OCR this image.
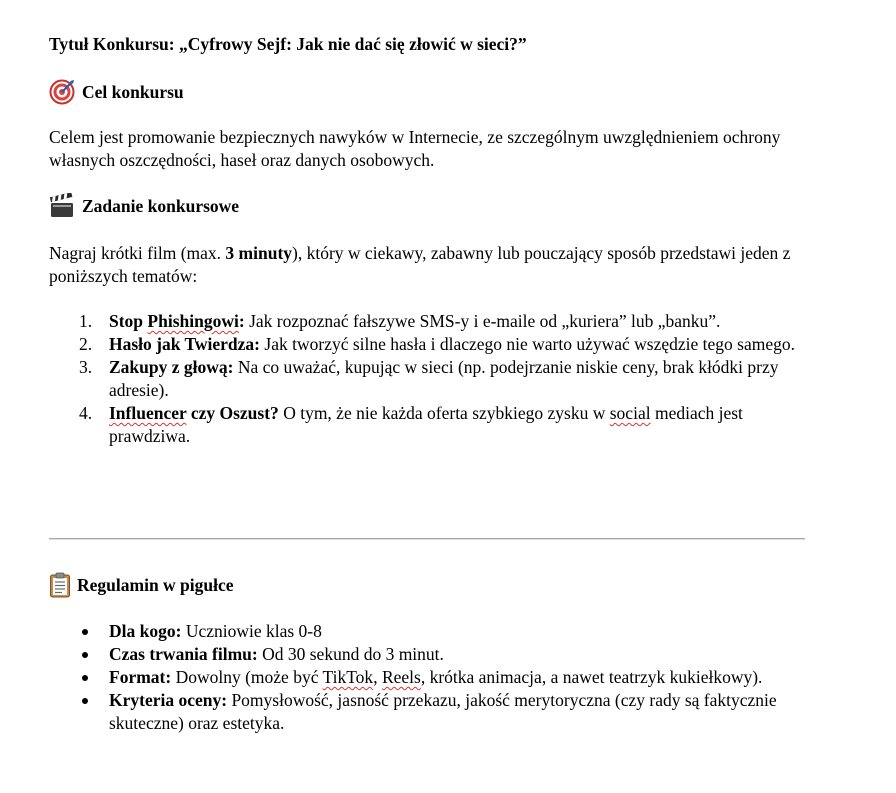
Tytuł Konkursu: „Cyfrowy Sejf: Jak nie dać się złowić w sieci?”

Cel konkursu

Celem jest promowanie bezpiecznych nawyków w Internecie, ze szczególnym uwzględnieniem ochrony własnych oszczędności, haseł oraz danych osobowych.

Zadanie konkursowe

Nagraj krótki film (max. 3 minuty), który w ciekawy, zabawny lub pouczający sposób przedstawi jeden z poniższych tematów:

1. Stop Phishingowi: Jak rozpoznać fałszywe SMS-y i e-maile od „kuriera” lub „banku”.
2. Hasło jak Twierdza: Jak tworzyć silne hasła i dlaczego nie warto używać wszędzie tego samego.
3. Zakupy z głową: Na co uważać, kupując w sieci (np. podejrzanie niskie ceny, brak kłódki przy adresie).
4. Influencer czy Oszust? O tym, że nie każda oferta szybkiego zysku w social mediach jest prawdziwa.
Regulamin w pigułce
Dla kogo: Uczniowie klas 0-8
Czas trwania filmu: Od 30 sekund do 3 minut.
Format: Dowolny (może być TikTok, Reels, krótka animacja, a nawet teatrzyk kukiełkowy).
Kryteria oceny: Pomysłowość, jasność przekazu, jakość merytoryczna (czy rady są faktycznie skuteczne) oraz estetyka.
